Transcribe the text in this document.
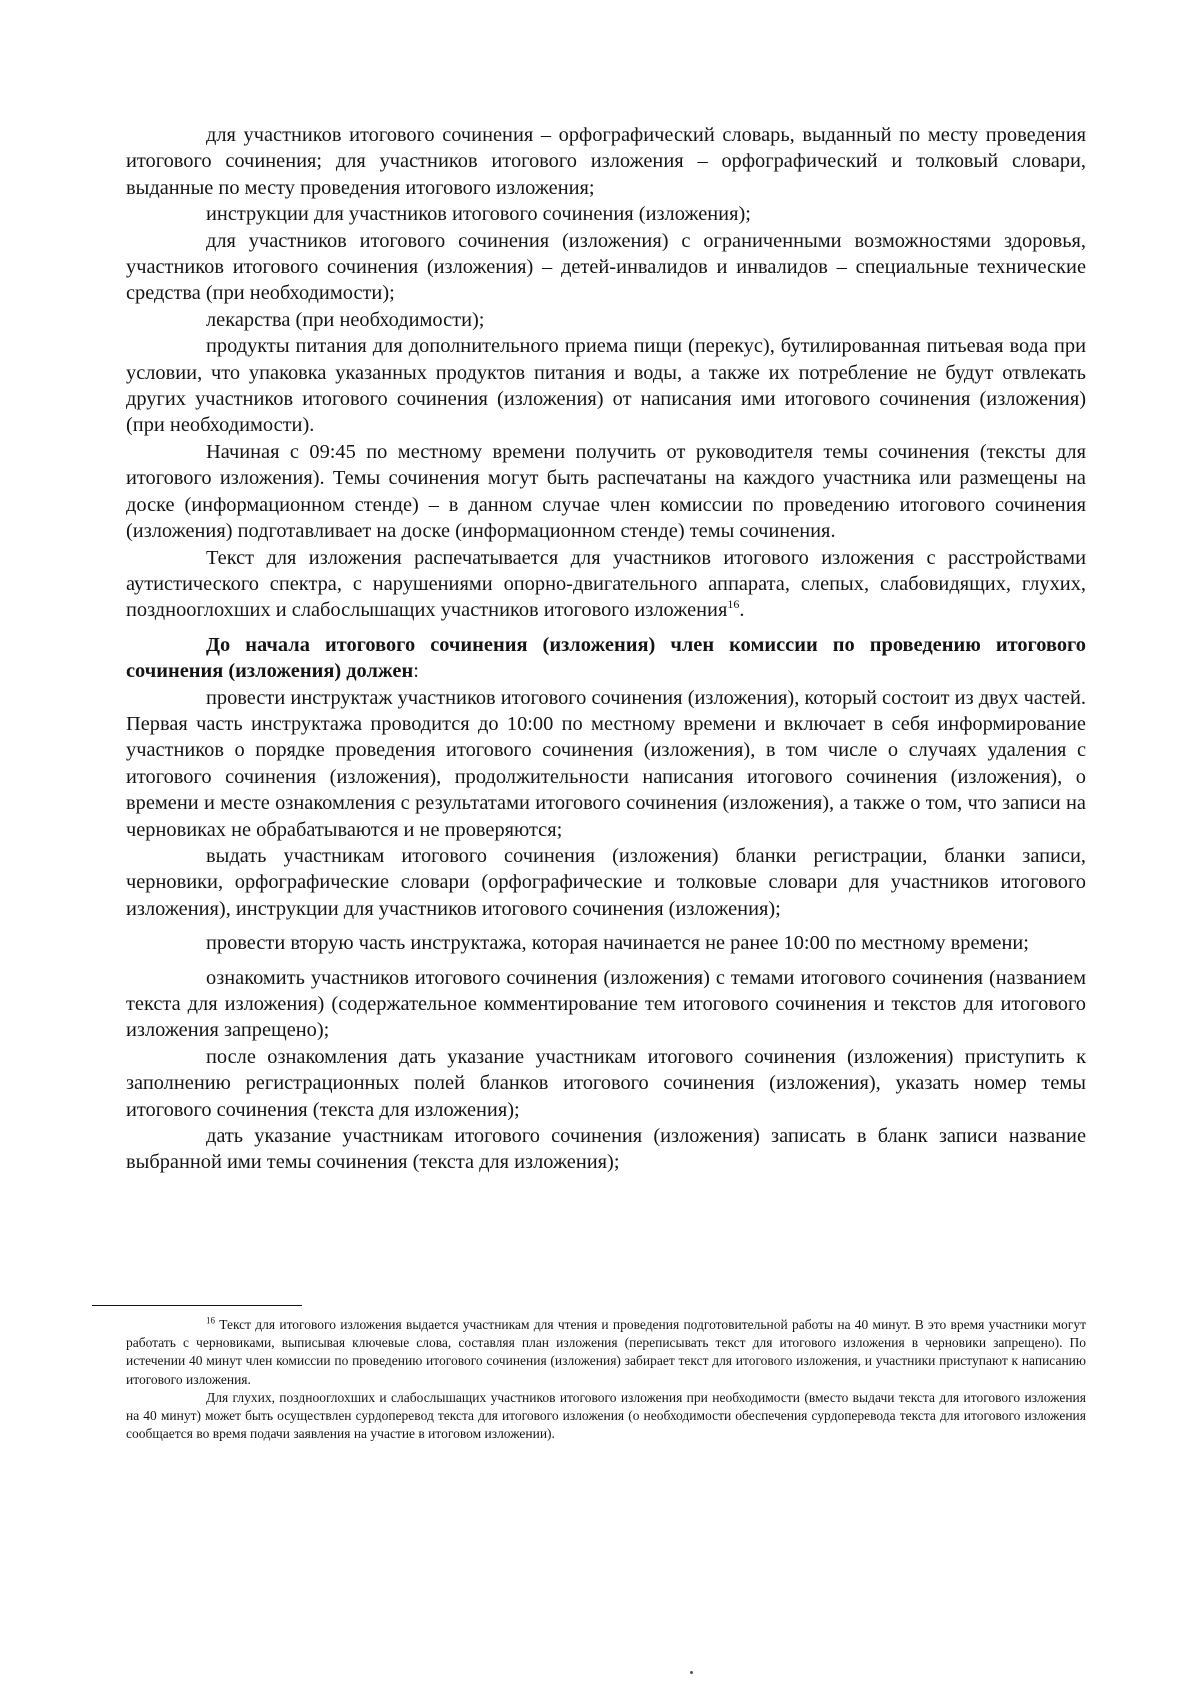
для участников итогового сочинения – орфографический словарь, выданный по месту проведения итогового сочинения; для участников итогового изложения – орфографический и толковый словари, выданные по месту проведения итогового изложения;

инструкции для участников итогового сочинения (изложения);

для участников итогового сочинения (изложения) с ограниченными возможностями здоровья, участников итогового сочинения (изложения) – детей-инвалидов и инвалидов – специальные технические средства (при необходимости);

лекарства (при необходимости);

продукты питания для дополнительного приема пищи (перекус), бутилированная питьевая вода при условии, что упаковка указанных продуктов питания и воды, а также их потребление не будут отвлекать других участников итогового сочинения (изложения) от написания ими итогового сочинения (изложения) (при необходимости).

Начиная с 09:45 по местному времени получить от руководителя темы сочинения (тексты для итогового изложения). Темы сочинения могут быть распечатаны на каждого участника или размещены на доске (информационном стенде) – в данном случае член комиссии по проведению итогового сочинения (изложения) подготавливает на доске (информационном стенде) темы сочинения.

Текст для изложения распечатывается для участников итогового изложения с расстройствами аутистического спектра, с нарушениями опорно-двигательного аппарата, слепых, слабовидящих, глухих, позднооглохших и слабослышащих участников итогового изложения$^{16}$.

До начала итогового сочинения (изложения) член комиссии по проведению итогового сочинения (изложения) должен:

провести инструктаж участников итогового сочинения (изложения), который состоит из двух частей. Первая часть инструктажа проводится до 10:00 по местному времени и включает в себя информирование участников о порядке проведения итогового сочинения (изложения), в том числе о случаях удаления с итогового сочинения (изложения), продолжительности написания итогового сочинения (изложения), о времени и месте ознакомления с результатами итогового сочинения (изложения), а также о том, что записи на черновиках не обрабатываются и не проверяются;

выдать участникам итогового сочинения (изложения) бланки регистрации, бланки записи, черновики, орфографические словари (орфографические и толковые словари для участников итогового изложения), инструкции для участников итогового сочинения (изложения);

провести вторую часть инструктажа, которая начинается не ранее 10:00 по местному времени;

ознакомить участников итогового сочинения (изложения) с темами итогового сочинения (названием текста для изложения) (содержательное комментирование тем итогового сочинения и текстов для итогового изложения запрещено);

после ознакомления дать указание участникам итогового сочинения (изложения) приступить к заполнению регистрационных полей бланков итогового сочинения (изложения), указать номер темы итогового сочинения (текста для изложения);

дать указание участникам итогового сочинения (изложения) записать в бланк записи название выбранной ими темы сочинения (текста для изложения);

$^{16}$ Текст для итогового изложения выдается участникам для чтения и проведения подготовительной работы на 40 минут. В это время участники могут работать с черновиками, выписывая ключевые слова, составляя план изложения (переписывать текст для итогового изложения в черновики запрещено). По истечении 40 минут член комиссии по проведению итогового сочинения (изложения) забирает текст для итогового изложения, и участники приступают к написанию итогового изложения.

Для глухих, позднооглохших и слабослышащих участников итогового изложения при необходимости (вместо выдачи текста для итогового изложения на 40 минут) может быть осуществлен сурдоперевод текста для итогового изложения (о необходимости обеспечения сурдоперевода текста для итогового изложения сообщается во время подачи заявления на участие в итоговом изложении).
